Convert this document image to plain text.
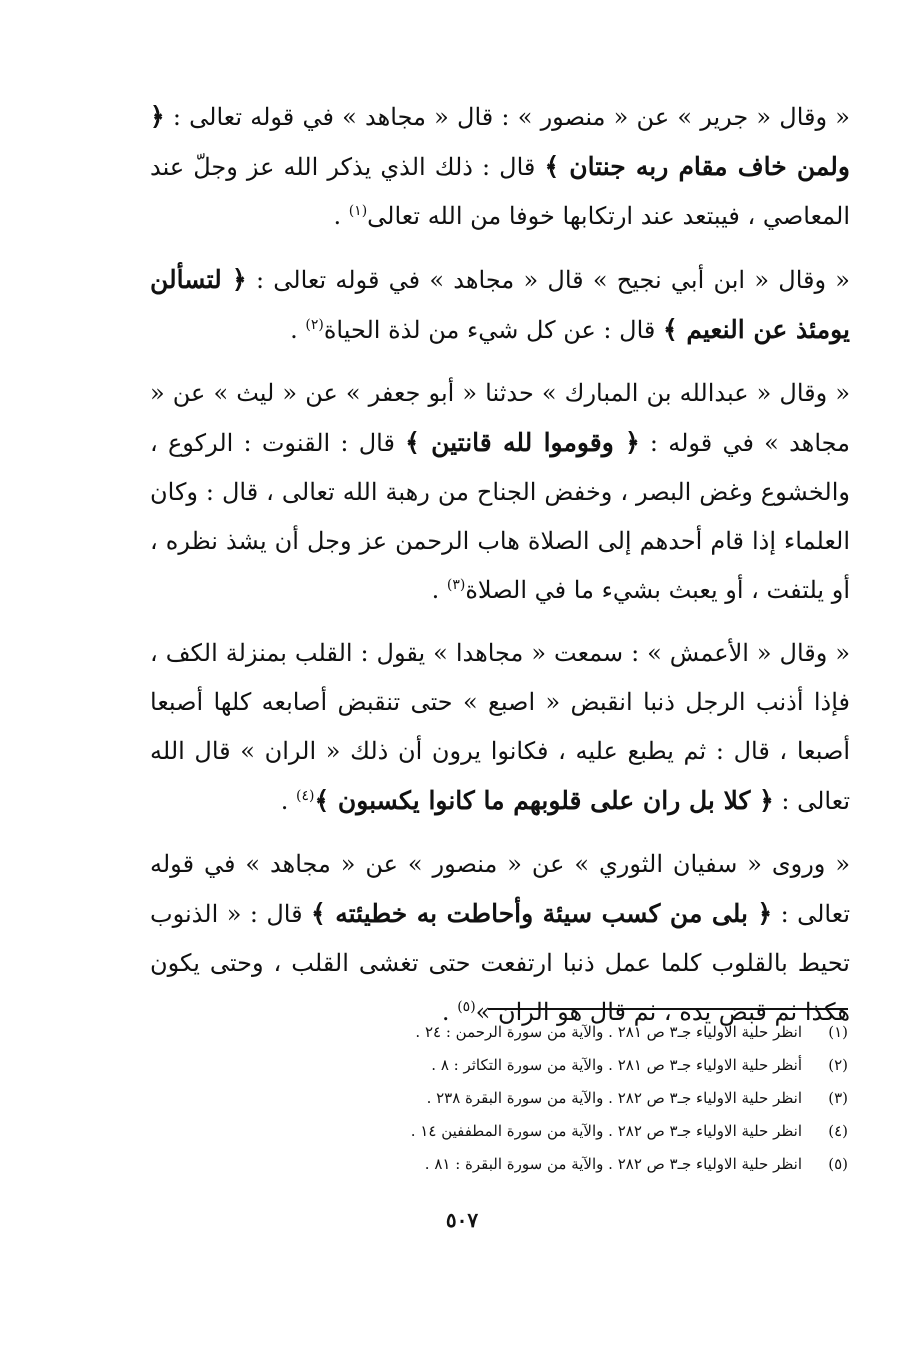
« وقال « جرير » عن « منصور » : قال « مجاهد » في قوله تعالى : ﴿ ولمن خاف مقام ربه جنتان ﴾ قال : ذلك الذي يذكر الله عز وجلّ عند المعاصي ، فيبتعد عند ارتكابها خوفا من الله تعالى$^{(١)}$ .

« وقال « ابن أبي نجيح » قال « مجاهد » في قوله تعالى : ﴿ لتسألن يومئذ عن النعيم ﴾ قال : عن كل شيء من لذة الحياة$^{(٢)}$ .

« وقال « عبدالله بن المبارك » حدثنا « أبو جعفر » عن « ليث » عن « مجاهد » في قوله : ﴿ وقوموا لله قانتين ﴾ قال : القنوت : الركوع ، والخشوع وغض البصر ، وخفض الجناح من رهبة الله تعالى ، قال : وكان العلماء إذا قام أحدهم إلى الصلاة هاب الرحمن عز وجل أن يشذ نظره ، أو يلتفت ، أو يعبث بشيء ما في الصلاة$^{(٣)}$ .

« وقال « الأعمش » : سمعت « مجاهدا » يقول : القلب بمنزلة الكف ، فإذا أذنب الرجل ذنبا انقبض « اصبع » حتى تنقبض أصابعه كلها أصبعا أصبعا ، قال : ثم يطبع عليه ، فكانوا يرون أن ذلك « الران » قال الله تعالى : ﴿ كلا بل ران على قلوبهم ما كانوا يكسبون ﴾$^{(٤)}$ .

« وروى « سفيان الثوري » عن « منصور » عن « مجاهد » في قوله تعالى : ﴿ بلى من كسب سيئة وأحاطت به خطيئته ﴾ قال : « الذنوب تحيط بالقلوب كلما عمل ذنبا ارتفعت حتى تغشى القلب ، وحتى يكون هكذا ثم قبض يده ، ثم قال هو الران »$^{(٥)}$ .

(١)
انظر حلية الاولياء جـ٣ ص ٢٨١ . والآية من سورة الرحمن : ٢٤ .
(٢)
أنظر حلية الاولياء جـ٣ ص ٢٨١ . والآية من سورة التكاثر : ٨ .
(٣)
انظر حلية الاولياء جـ٣ ص ٢٨٢ . والآية من سورة البقرة ٢٣٨ .
(٤)
انظر حلية الاولياء جـ٣ ص ٢٨٢ . والآية من سورة المطففين ١٤ .
(٥)
انظر حلية الاولياء جـ٣ ص ٢٨٢ . والآية من سورة البقرة : ٨١ .
٥٠٧
